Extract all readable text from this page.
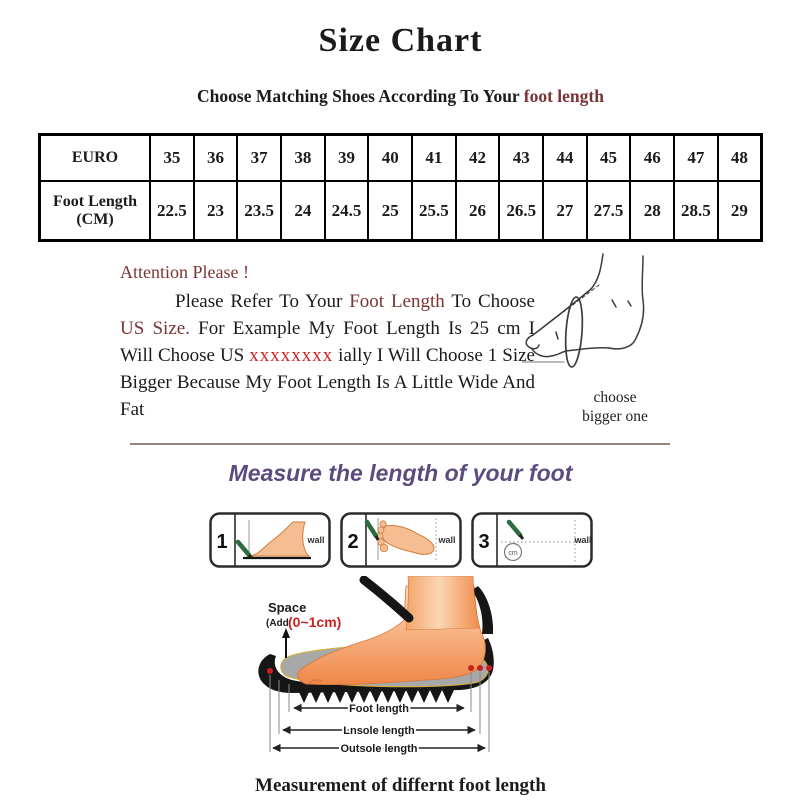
Size Chart
Choose Matching Shoes According To Your foot length
EURO	35	36	37	38	39	40	41	42	43	44	45	46	47	48
Foot Length (CM)	22.5	23	23.5	24	24.5	25	25.5	26	26.5	27	27.5	28	28.5	29

Attention Please !

Please Refer To Your Foot Length To Choose US Size. For Example My Foot Length Is 25 cm I Will Choose US xxxxxxxx ially I Will Choose 1 Size Bigger Because My Foot Length Is A Little Wide And Fat

choose
bigger one
Measure the length of your foot
1	wall 2	wall 3
cm
wall
Space
(Add (0~1cm)
Foot length
Lnsole length
Outsole length

Measurement of differnt foot length
